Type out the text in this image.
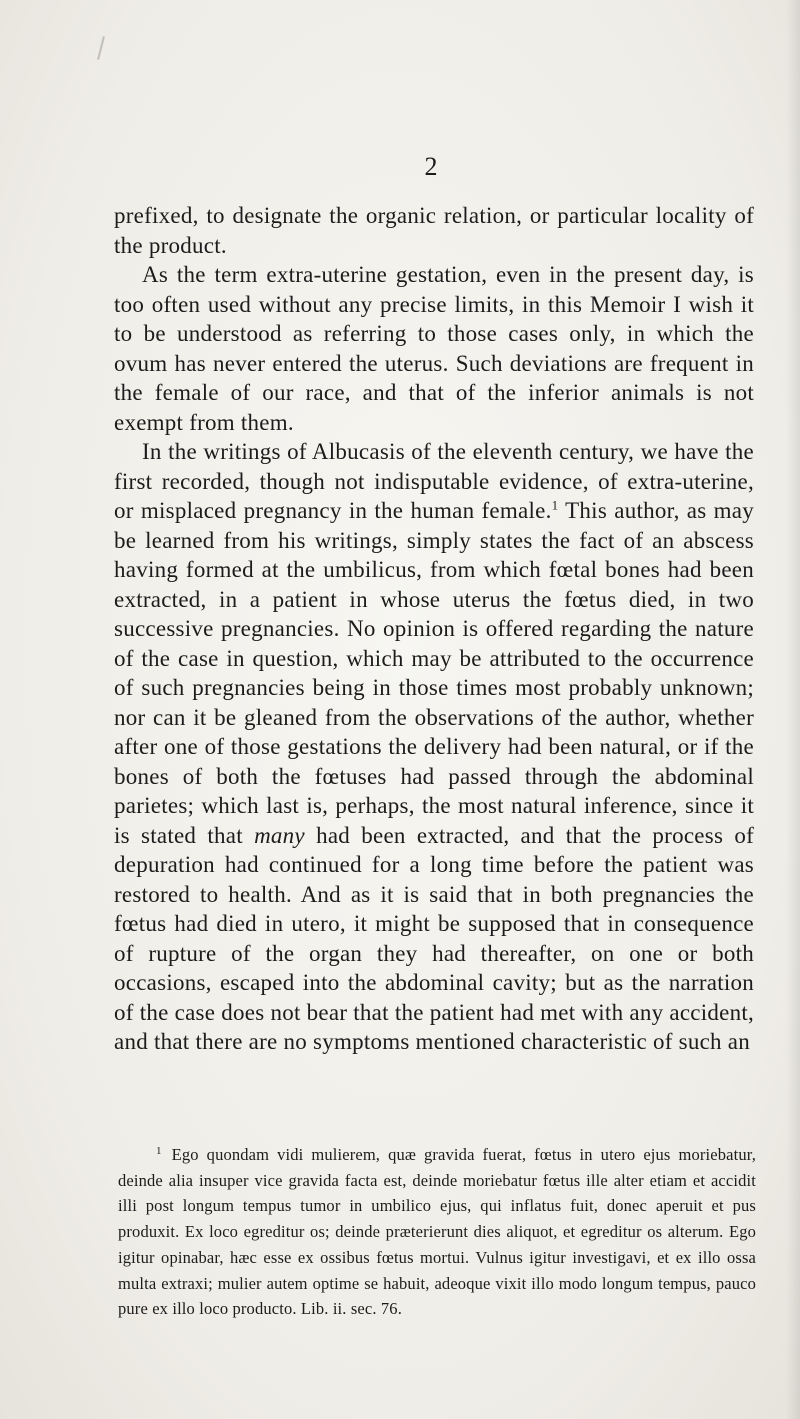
2

prefixed, to designate the organic relation, or particular locality of the product.

As the term extra-uterine gestation, even in the present day, is too often used without any precise limits, in this Memoir I wish it to be understood as referring to those cases only, in which the ovum has never entered the uterus. Such deviations are frequent in the female of our race, and that of the inferior animals is not exempt from them.

In the writings of Albucasis of the eleventh century, we have the first recorded, though not indisputable evidence, of extra-uterine, or misplaced pregnancy in the human female.$^1$ This author, as may be learned from his writings, simply states the fact of an abscess having formed at the umbilicus, from which fœtal bones had been extracted, in a patient in whose uterus the fœtus died, in two successive pregnancies. No opinion is offered regarding the nature of the case in question, which may be attributed to the occurrence of such pregnancies being in those times most probably unknown; nor can it be gleaned from the observations of the author, whether after one of those gestations the delivery had been natural, or if the bones of both the fœtuses had passed through the abdominal parietes; which last is, perhaps, the most natural inference, since it is stated that many had been extracted, and that the process of depuration had continued for a long time before the patient was restored to health. And as it is said that in both pregnancies the fœtus had died in utero, it might be supposed that in consequence of rupture of the organ they had thereafter, on one or both occasions, escaped into the abdominal cavity; but as the narration of the case does not bear that the patient had met with any accident, and that there are no symptoms mentioned characteristic of such an

$^1$ Ego quondam vidi mulierem, quæ gravida fuerat, fœtus in utero ejus moriebatur, deinde alia insuper vice gravida facta est, deinde moriebatur fœtus ille alter etiam et accidit illi post longum tempus tumor in umbilico ejus, qui inflatus fuit, donec aperuit et pus produxit. Ex loco egreditur os; deinde præterierunt dies aliquot, et egreditur os alterum. Ego igitur opinabar, hæc esse ex ossibus fœtus mortui. Vulnus igitur investigavi, et ex illo ossa multa extraxi; mulier autem optime se habuit, adeoque vixit illo modo longum tempus, pauco pure ex illo loco producto. Lib. ii. sec. 76.
